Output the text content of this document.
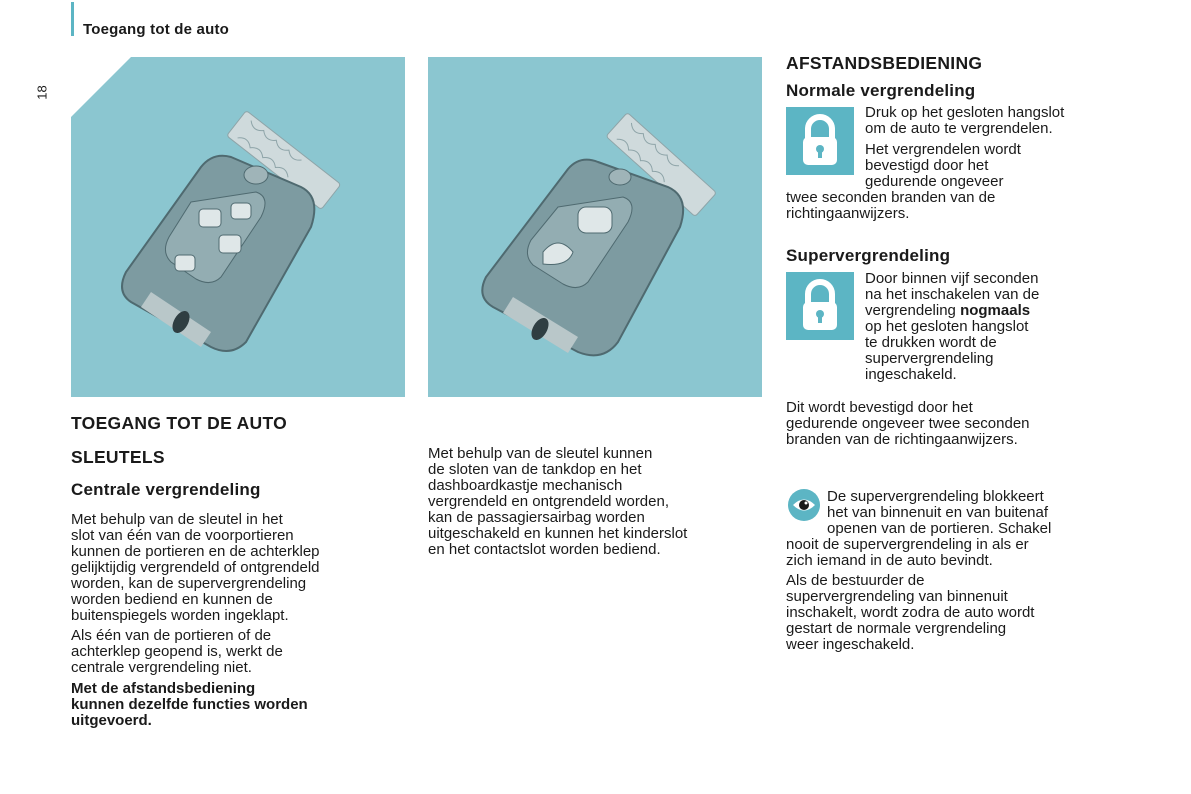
Toegang tot de auto
18
TOEGANG TOT DE AUTO
SLEUTELS
Centrale vergrendeling
Met behulp van de sleutel in het
slot van één van de voorportieren
kunnen de portieren en de achterklep
gelijktijdig vergrendeld of ontgrendeld
worden, kan de supervergrendeling
worden bediend en kunnen de
buitenspiegels worden ingeklapt.
Als één van de portieren of de
achterklep geopend is, werkt de
centrale vergrendeling niet.
Met de afstandsbediening
kunnen dezelfde functies worden
uitgevoerd.
Met behulp van de sleutel kunnen
de sloten van de tankdop en het
dashboardkastje mechanisch
vergrendeld en ontgrendeld worden,
kan de passagiersairbag worden
uitgeschakeld en kunnen het kinderslot
en het contactslot worden bediend.
AFSTANDSBEDIENING
Normale vergrendeling
Druk op het gesloten hangslot
om de auto te vergrendelen.
Het vergrendelen wordt
bevestigd door het
gedurende ongeveer
twee seconden branden van de
richtingaanwijzers.
Supervergrendeling
Door binnen vijf seconden
na het inschakelen van de
vergrendeling nogmaals
op het gesloten hangslot
te drukken wordt de
supervergrendeling
ingeschakeld.
Dit wordt bevestigd door het
gedurende ongeveer twee seconden
branden van de richtingaanwijzers.
De supervergrendeling blokkeert
het van binnenuit en van buitenaf
openen van de portieren. Schakel
nooit de supervergrendeling in als er
zich iemand in de auto bevindt.
Als de bestuurder de
supervergrendeling van binnenuit
inschakelt, wordt zodra de auto wordt
gestart de normale vergrendeling
weer ingeschakeld.
